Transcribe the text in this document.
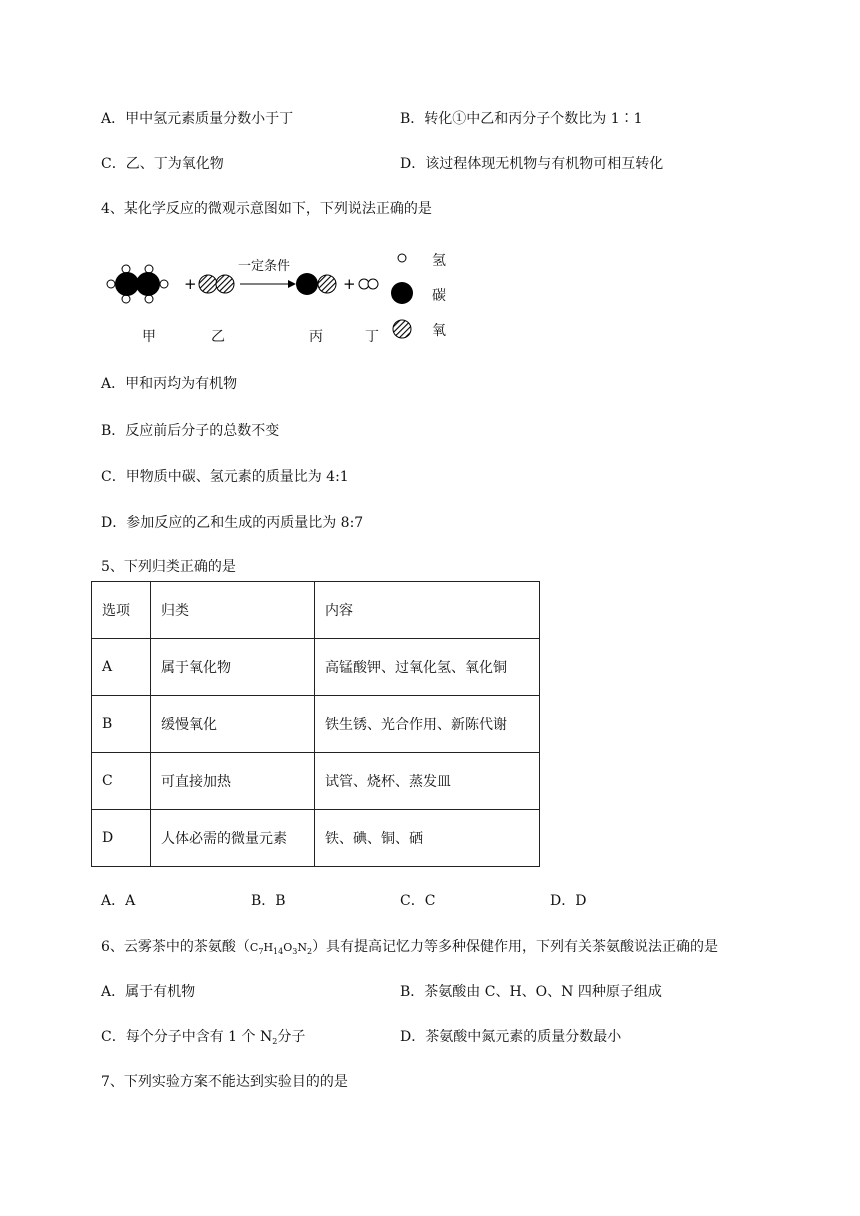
A．甲中氢元素质量分数小于丁	B．转化①中乙和丙分子个数比为 1∶1
C．乙、丁为氧化物	D．该过程体现无机物与有机物可相互转化
4、某化学反应的微观示意图如下，下列说法正确的是
+	+
一定条件
甲	乙	丙	丁
氢
碳
氧
A．甲和丙均为有机物
B．反应前后分子的总数不变
C．甲物质中碳、氢元素的质量比为 4:1
D．参加反应的乙和生成的丙质量比为 8:7
5、下列归类正确的是
选项	归类	内容
A	属于氧化物	高锰酸钾、过氧化氢、氧化铜
B	缓慢氧化	铁生锈、光合作用、新陈代谢
C	可直接加热	试管、烧杯、蒸发皿
D	人体必需的微量元素	铁、碘、铜、硒
A．A	B．B	C．C	D．D
6、云雾茶中的茶氨酸$(C_7H_{14}O_3N_2)$具有提高记忆力等多种保健作用，下列有关茶氨酸说法正确的是
A．属于有机物	B．茶氨酸由 C、H、O、N 四种原子组成
C．每个分子中含有 1 个 $N_2$分子	D．茶氨酸中氮元素的质量分数最小
7、下列实验方案不能达到实验目的的是
